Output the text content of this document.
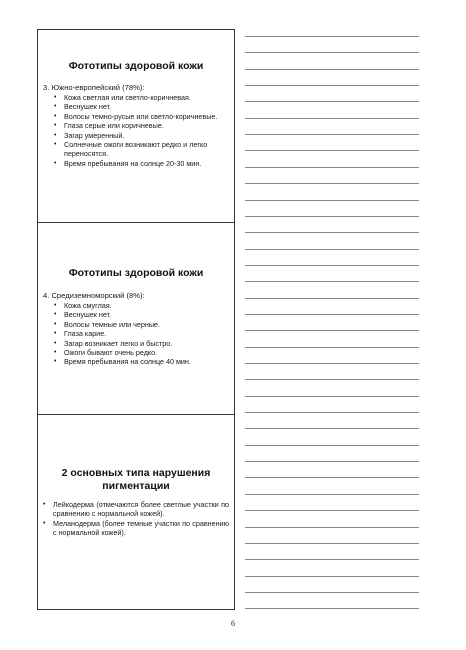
Фототипы здоровой кожи
3. Южно-европейский (78%):
• Кожа светлая или светло-коричневая.
• Веснушек нет.
• Волосы темно-русые или светло-коричневые.
• Глаза серые или коричневые.
• Загар умеренный.
• Солнечные ожоги возникают редко и легко переносятся.
• Время пребывания на солнце 20-30 мин.
Фототипы здоровой кожи
4. Средиземноморский (8%):
• Кожа смуглая.
• Веснушек нет.
• Волосы темные или черные.
• Глаза карие.
• Загар возникает легко и быстро.
• Ожоги бывают очень редко.
• Время пребывания на солнце 40 мин.
2 основных типа нарушения
пигментации
• Лейкодерма (отмечаются более светлые участки по сравнению с нормальной кожей).
• Меланодерма (более темные участки по сравнению с нормальной кожей).
6
